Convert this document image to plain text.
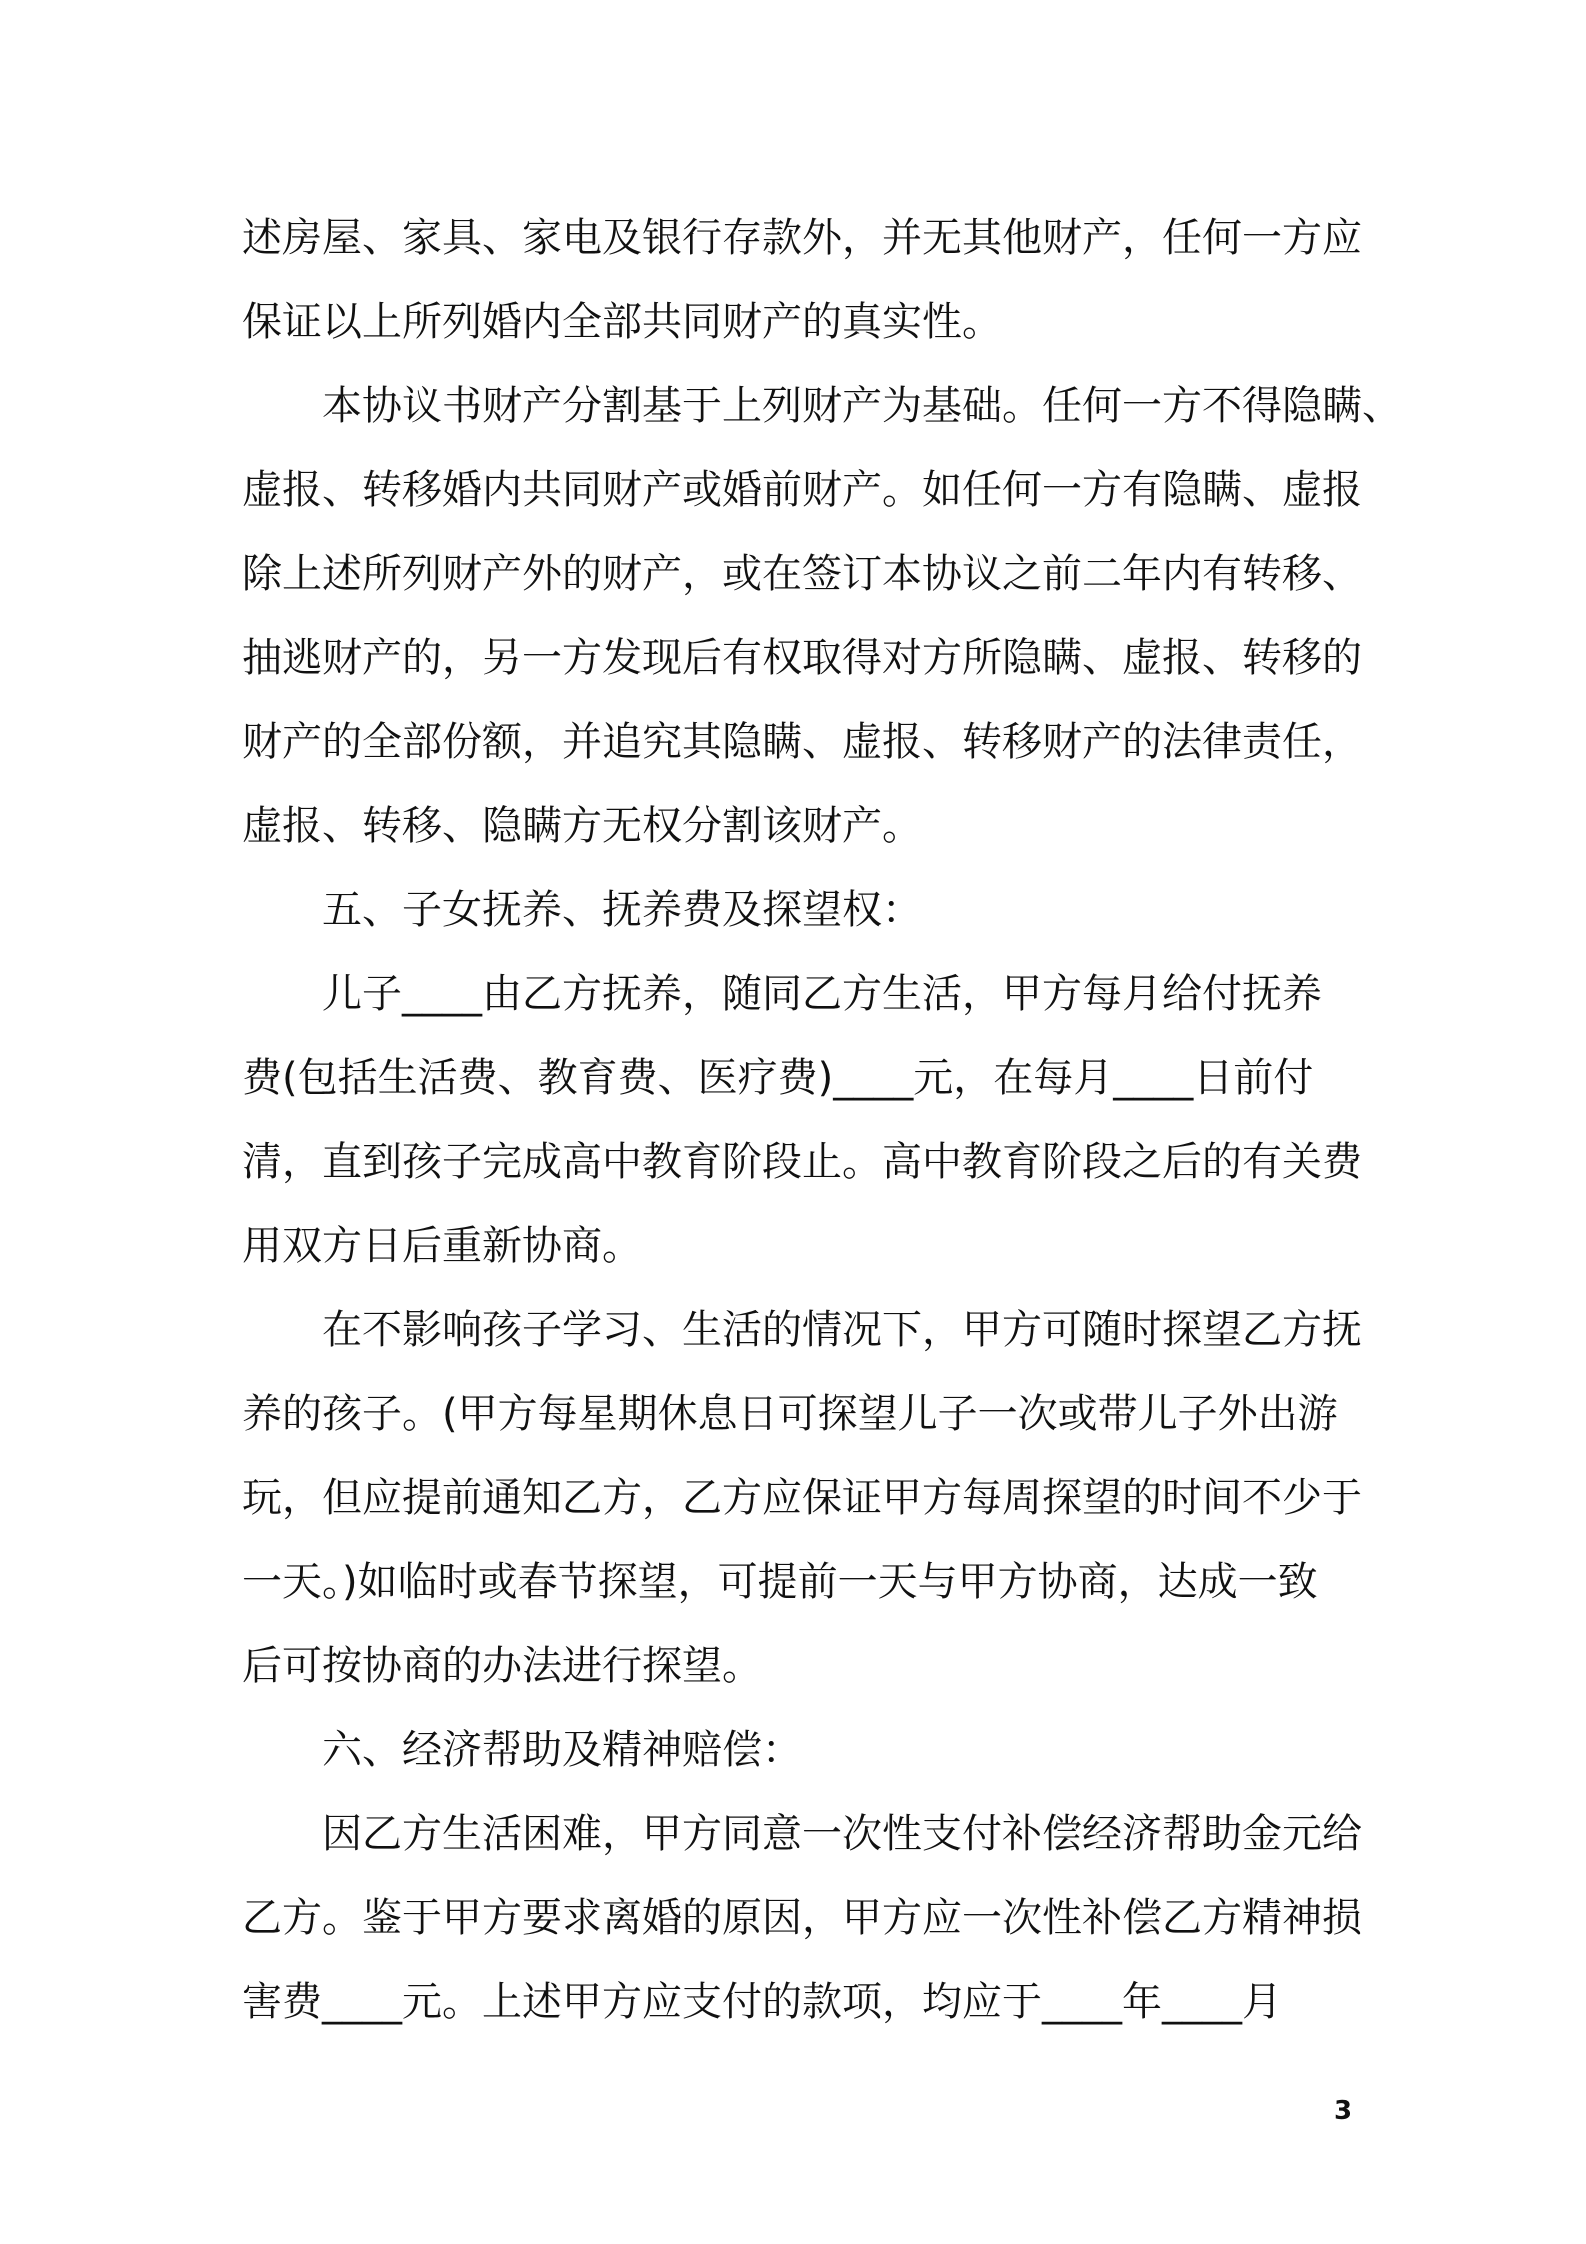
述房屋、家具、家电及银行存款外，并无其他财产，任何一方应
保证以上所列婚内全部共同财产的真实性。
本协议书财产分割基于上列财产为基础。任何一方不得隐瞒、
虚报、转移婚内共同财产或婚前财产。如任何一方有隐瞒、虚报
除上述所列财产外的财产，或在签订本协议之前二年内有转移、
抽逃财产的，另一方发现后有权取得对方所隐瞒、虚报、转移的
财产的全部份额，并追究其隐瞒、虚报、转移财产的法律责任，
虚报、转移、隐瞒方无权分割该财产。
五、子女抚养、抚养费及探望权：
儿子____由乙方抚养，随同乙方生活，甲方每月给付抚养
费(包括生活费、教育费、医疗费)____元，在每月____日前付
清，直到孩子完成高中教育阶段止。高中教育阶段之后的有关费
用双方日后重新协商。
在不影响孩子学习、生活的情况下，甲方可随时探望乙方抚
养的孩子。(甲方每星期休息日可探望儿子一次或带儿子外出游
玩，但应提前通知乙方，乙方应保证甲方每周探望的时间不少于
一天。)如临时或春节探望，可提前一天与甲方协商，达成一致
后可按协商的办法进行探望。
六、经济帮助及精神赔偿：
因乙方生活困难，甲方同意一次性支付补偿经济帮助金元给
乙方。鉴于甲方要求离婚的原因，甲方应一次性补偿乙方精神损
害费____元。上述甲方应支付的款项，均应于____年____月
3
